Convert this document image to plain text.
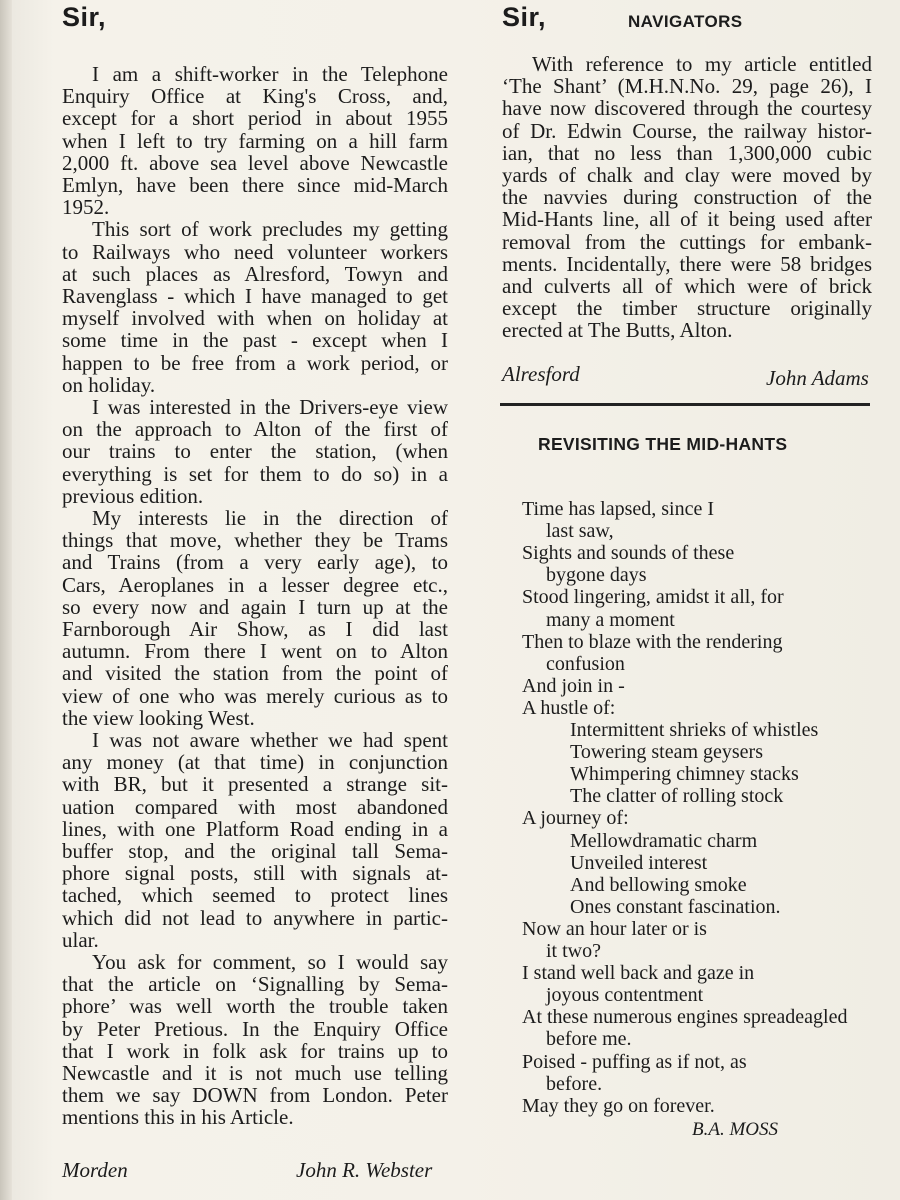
Sir,
I am a shift-worker in the Telephone
Enquiry Office at King's Cross, and,
except for a short period in about 1955
when I left to try farming on a hill farm
2,000 ft. above sea level above Newcastle
Emlyn, have been there since mid-March
1952.
This sort of work precludes my getting
to Railways who need volunteer workers
at such places as Alresford, Towyn and
Ravenglass - which I have managed to get
myself involved with when on holiday at
some time in the past - except when I
happen to be free from a work period, or
on holiday.
I was interested in the Drivers-eye view
on the approach to Alton of the first of
our trains to enter the station, (when
everything is set for them to do so) in a
previous edition.
My interests lie in the direction of
things that move, whether they be Trams
and Trains (from a very early age), to
Cars, Aeroplanes in a lesser degree etc.,
so every now and again I turn up at the
Farnborough Air Show, as I did last
autumn. From there I went on to Alton
and visited the station from the point of
view of one who was merely curious as to
the view looking West.
I was not aware whether we had spent
any money (at that time) in conjunction
with BR, but it presented a strange sit-
uation compared with most abandoned
lines, with one Platform Road ending in a
buffer stop, and the original tall Sema-
phore signal posts, still with signals at-
tached, which seemed to protect lines
which did not lead to anywhere in partic-
ular.
You ask for comment, so I would say
that the article on ‘Signalling by Sema-
phore’ was well worth the trouble taken
by Peter Pretious. In the Enquiry Office
that I work in folk ask for trains up to
Newcastle and it is not much use telling
them we say DOWN from London. Peter
mentions this in his Article.
Morden	John R. Webster
Sir,	NAVIGATORS
With reference to my article entitled
‘The Shant’ (M.H.N.No. 29, page 26), I
have now discovered through the courtesy
of Dr. Edwin Course, the railway histor-
ian, that no less than 1,300,000 cubic
yards of chalk and clay were moved by
the navvies during construction of the
Mid-Hants line, all of it being used after
removal from the cuttings for embank-
ments. Incidentally, there were 58 bridges
and culverts all of which were of brick
except the timber structure originally
erected at The Butts, Alton.
Alresford	John Adams
REVISITING THE MID-HANTS
Time has lapsed, since I
last saw,
Sights and sounds of these
bygone days
Stood lingering, amidst it all, for
many a moment
Then to blaze with the rendering
confusion
And join in -
A hustle of:
Intermittent shrieks of whistles
Towering steam geysers
Whimpering chimney stacks
The clatter of rolling stock
A journey of:
Mellowdramatic charm
Unveiled interest
And bellowing smoke
Ones constant fascination.
Now an hour later or is
it two?
I stand well back and gaze in
joyous contentment
At these numerous engines spreadeagled
before me.
Poised - puffing as if not, as
before.
May they go on forever.
B.A. MOSS
